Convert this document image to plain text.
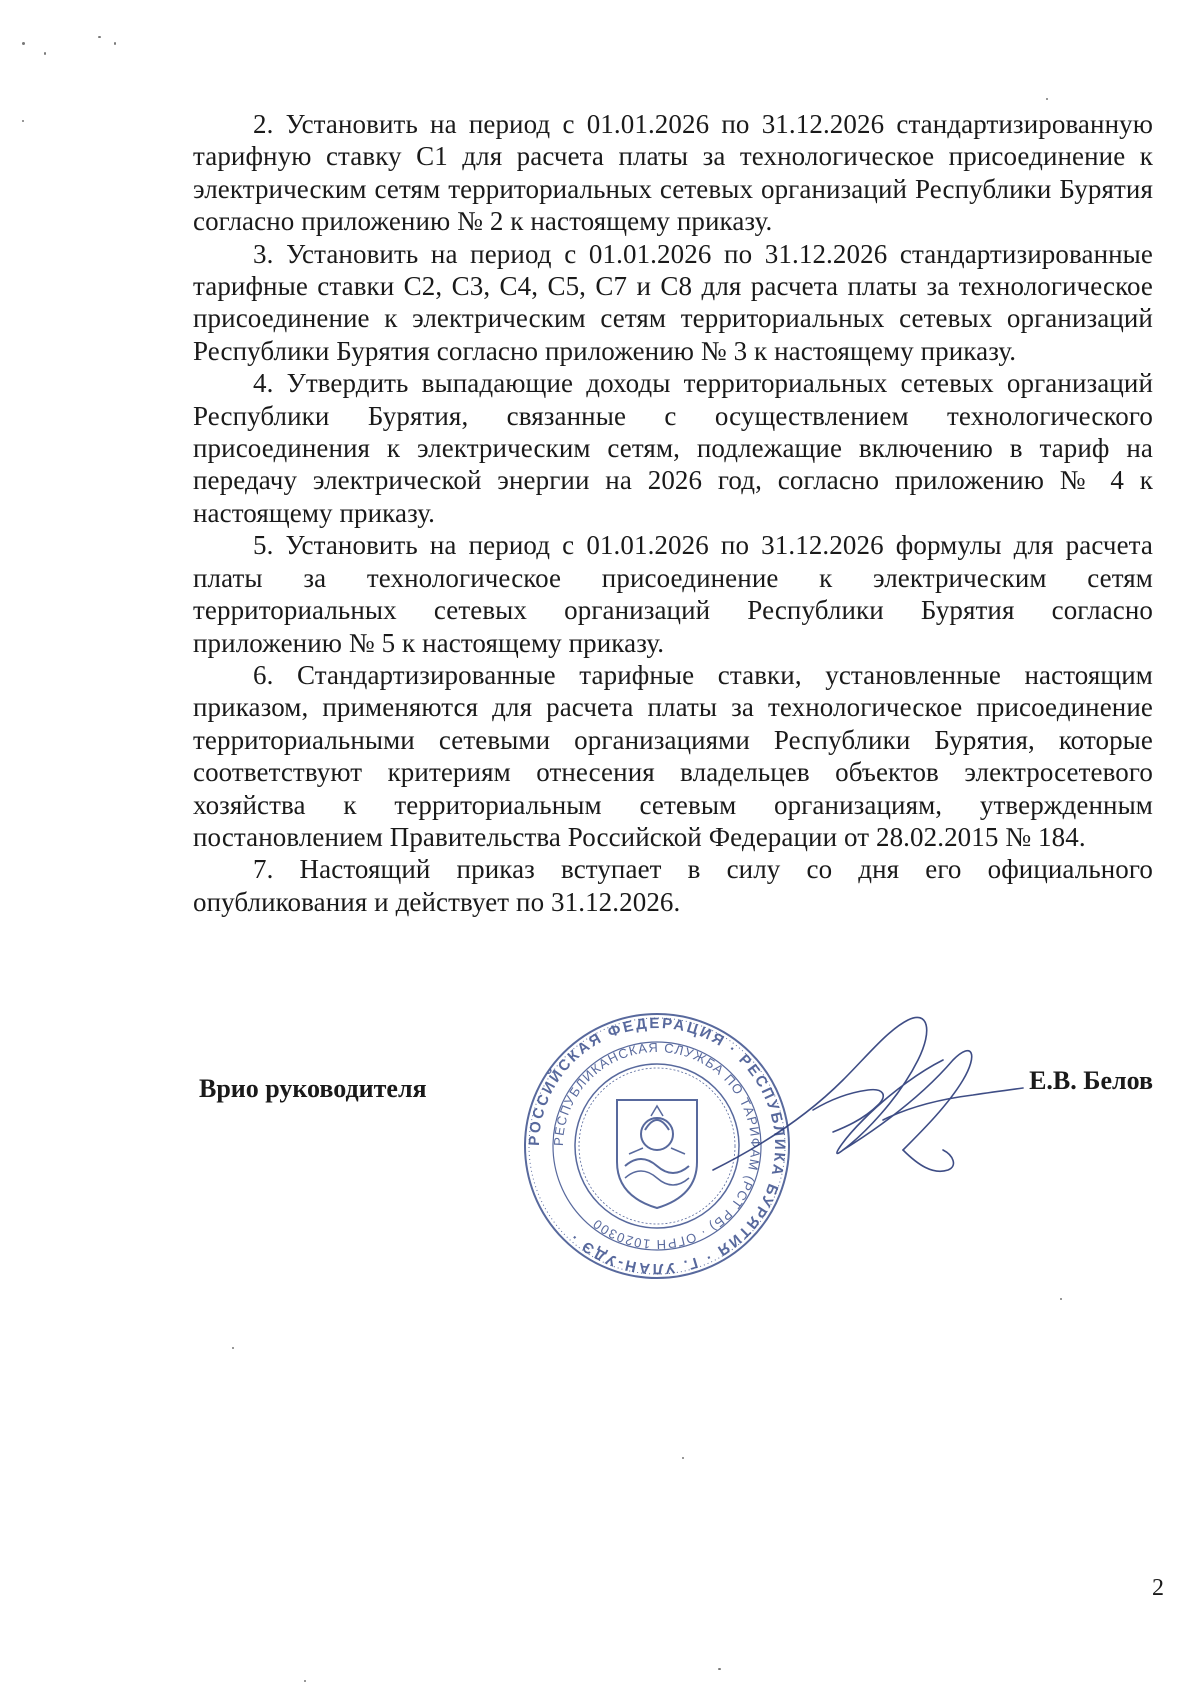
2. Установить на период с 01.01.2026 по 31.12.2026 стандартизированную тарифную ставку С1 для расчета платы за технологическое присоединение к электрическим сетям территориальных сетевых организаций Республики Бурятия согласно приложению № 2 к настоящему приказу.

3. Установить на период с 01.01.2026 по 31.12.2026 стандартизированные тарифные ставки С2, С3, С4, С5, С7 и С8 для расчета платы за технологическое присоединение к электрическим сетям территориальных сетевых организаций Республики Бурятия согласно приложению № 3 к настоящему приказу.

4. Утвердить выпадающие доходы территориальных сетевых организаций Республики Бурятия, связанные с осуществлением технологического присоединения к электрическим сетям, подлежащие включению в тариф на передачу электрической энергии на 2026 год, согласно приложению № 4 к настоящему приказу.

5. Установить на период с 01.01.2026 по 31.12.2026 формулы для расчета платы за технологическое присоединение к электрическим сетям территориальных сетевых организаций Республики Бурятия согласно приложению № 5 к настоящему приказу.

6. Стандартизированные тарифные ставки, установленные настоящим приказом, применяются для расчета платы за технологическое присоединение территориальными сетевыми организациями Республики Бурятия, которые соответствуют критериям отнесения владельцев объектов электросетевого хозяйства к территориальным сетевым организациям, утвержденным постановлением Правительства Российской Федерации от 28.02.2015 № 184.

7. Настоящий приказ вступает в силу со дня его официального опубликования и действует по 31.12.2026.

Врио руководителя
РОССИЙСКАЯ ФЕДЕРАЦИЯ · РЕСПУБЛИКА БУРЯТИЯ · Г. УЛАН-УДЭ ·
РЕСПУБЛИКАНСКАЯ СЛУЖБА ПО ТАРИФАМ (РСТ РБ) · ОГРН 1020300
Е.В. Белов
2
